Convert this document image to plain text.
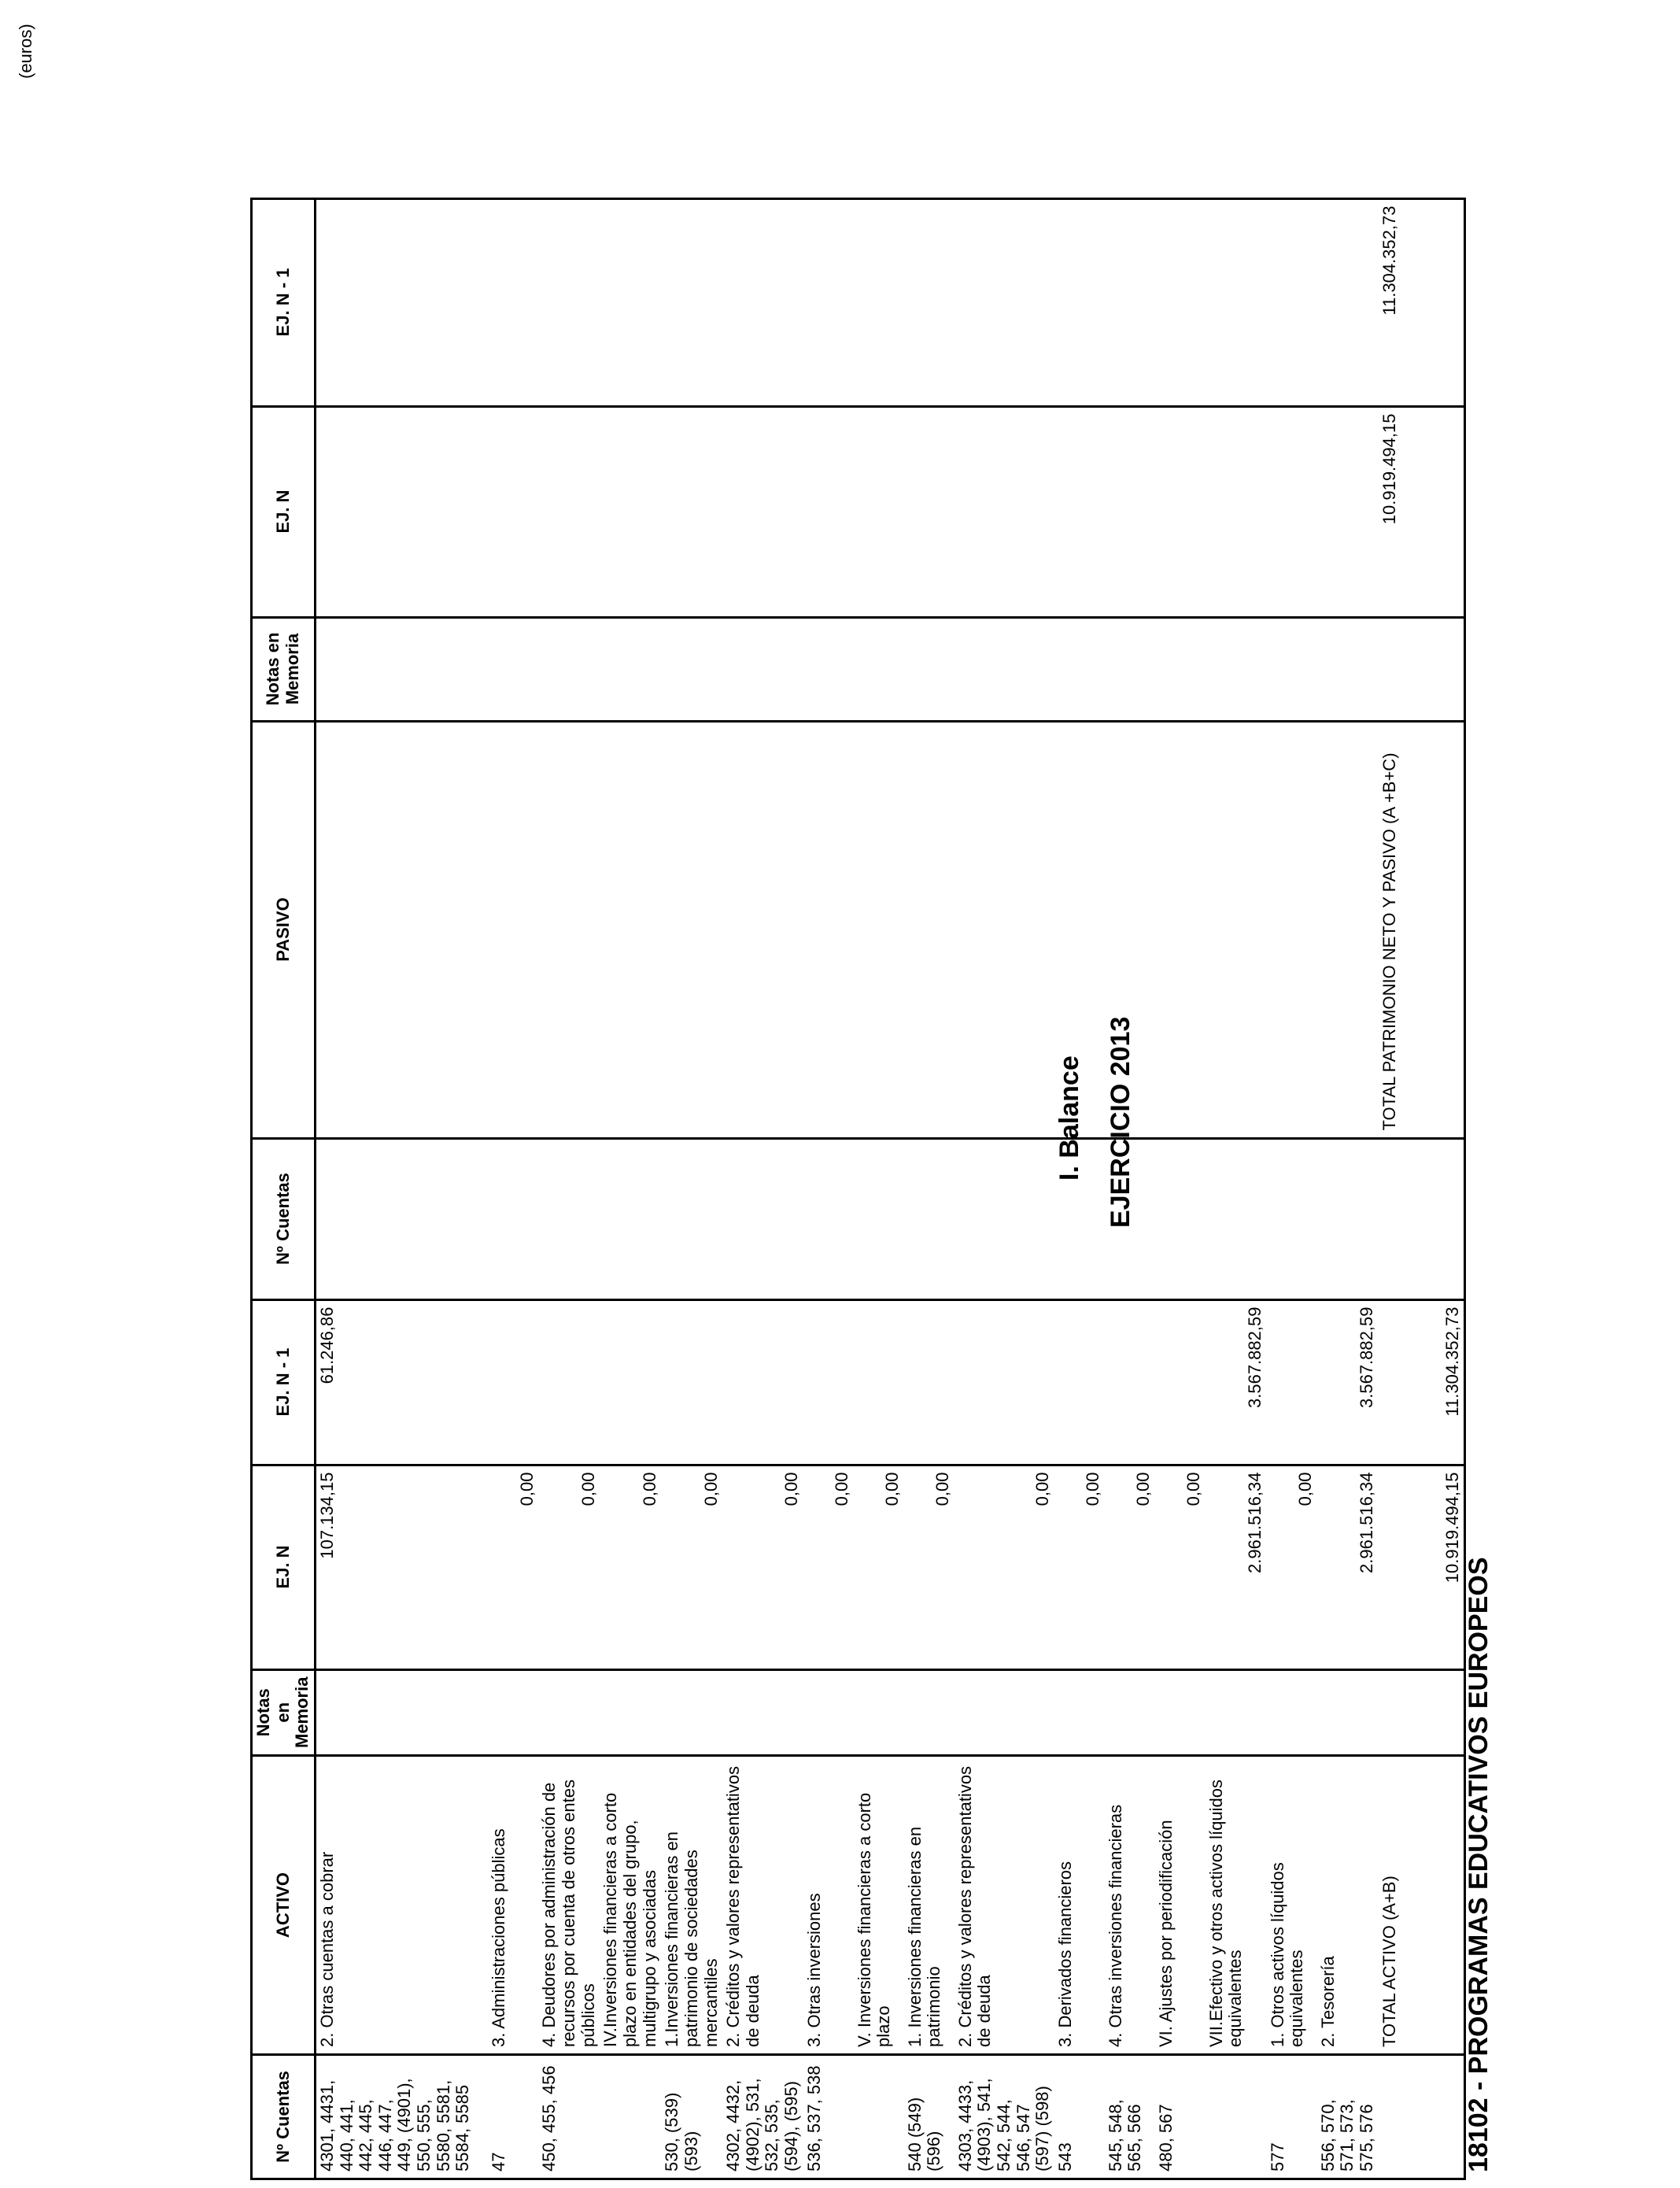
18102 - PROGRAMAS EDUCATIVOS EUROPEOS
I. Balance EJERCICIO 2013
(euros)
Nº Cuentas	ACTIVO	Notas en Memoria	EJ. N	EJ. N - 1	Nº Cuentas	PASIVO	Notas en Memoria	EJ. N	EJ. N - 1
4301, 4431, 440, 441, 442, 445, 446, 447, 449, (4901), 550, 555, 5580, 5581, 5584, 5585	2. Otras cuentas a cobrar		107.134,15	61.246,86					
47	3. Administraciones públicas		0,00						
450, 455, 456	4. Deudores por administración de recursos por cuenta de otros entes públicos		0,00						
	IV.Inversiones financieras a corto plazo en entidades del grupo, multigrupo y asociadas		0,00						
530, (539) (593)	1.Inversiones financieras en patrimonio de sociedades mercantiles		0,00						
4302, 4432, (4902), 531, 532, 535, (594), (595)	2. Créditos y valores representativos de deuda		0,00						
536, 537, 538	3. Otras inversiones		0,00						
	V. Inversiones financieras a corto plazo		0,00						
540 (549) (596)	1. Inversiones financieras en patrimonio		0,00						
4303, 4433, (4903), 541, 542, 544, 546, 547 (597) (598)	2. Créditos y valores representativos de deuda		0,00						
543	3. Derivados financieros		0,00						
545, 548, 565, 566	4. Otras inversiones financieras		0,00						
480, 567	VI. Ajustes por periodificación		0,00						
	VII.Efectivo y otros activos líquidos equivalentes		2.961.516,34	3.567.882,59					
577	1. Otros activos líquidos equivalentes		0,00						
556, 570, 571, 573, 575, 576	2. Tesorería		2.961.516,34	3.567.882,59					
	TOTAL ACTIVO (A+B)		10.919.494,15	11.304.352,73		TOTAL PATRIMONIO NETO Y PASIVO (A +B+C)		10.919.494,15	11.304.352,73
